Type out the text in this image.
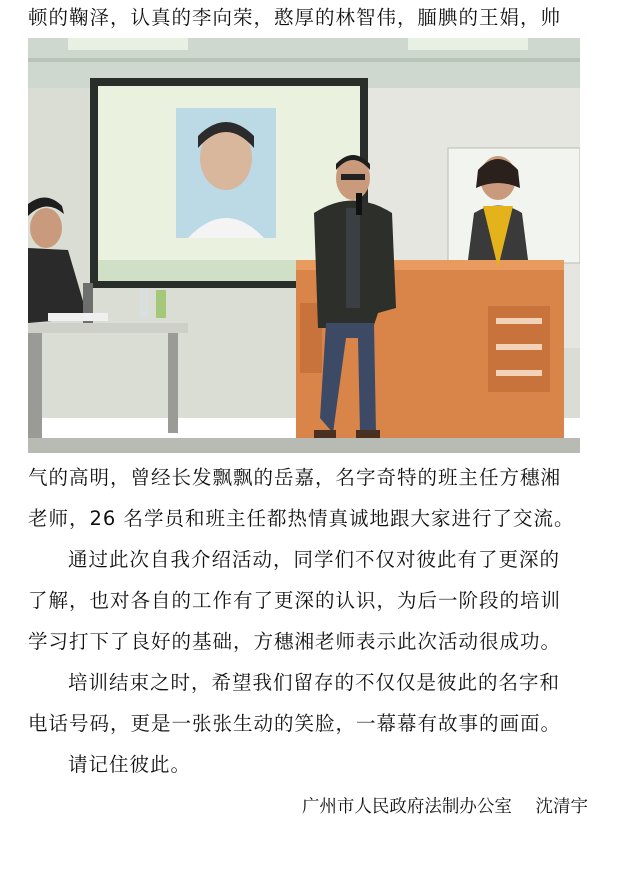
顿的鞠泽，认真的李向荣，憨厚的林智伟，腼腆的王娟，帅
气的高明，曾经长发飘飘的岳嘉，名字奇特的班主任方穗湘
老师，26 名学员和班主任都热情真诚地跟大家进行了交流。
通过此次自我介绍活动，同学们不仅对彼此有了更深的
了解，也对各自的工作有了更深的认识，为后一阶段的培训
学习打下了良好的基础，方穗湘老师表示此次活动很成功。
培训结束之时，希望我们留存的不仅仅是彼此的名字和
电话号码，更是一张张生动的笑脸，一幕幕有故事的画面。
请记住彼此。
广州市人民政府法制办公室 沈清宇
